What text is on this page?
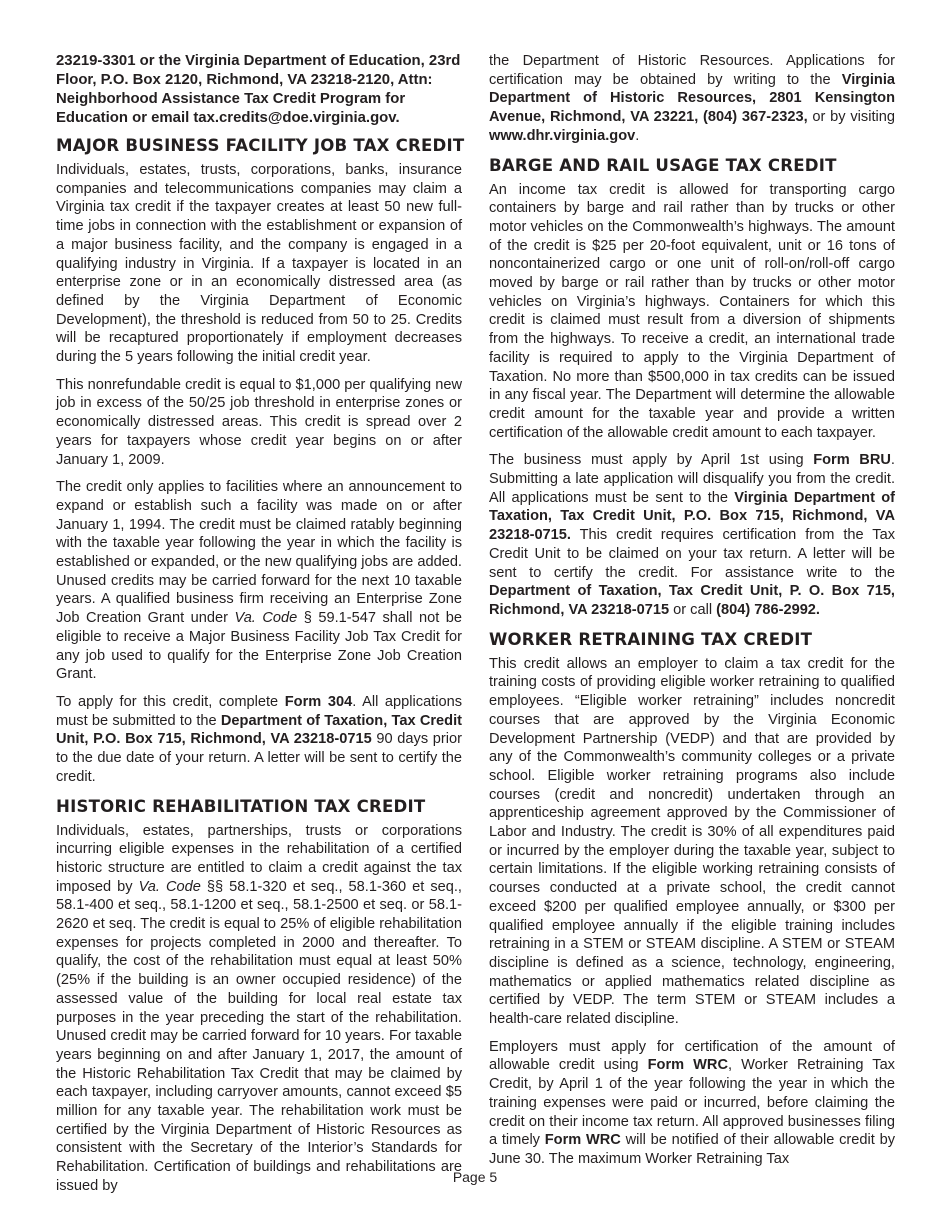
23219-3301 or the Virginia Department of Education, 23rd Floor, P.O. Box 2120, Richmond, VA 23218-2120, Attn: Neighborhood Assistance Tax Credit Program for Education or email tax.credits@doe.virginia.gov.

MAJOR BUSINESS FACILITY JOB TAX CREDIT

Individuals, estates, trusts, corporations, banks, insurance companies and telecommunications companies may claim a Virginia tax credit if the taxpayer creates at least 50 new full-time jobs in connection with the establishment or expansion of a major business facility, and the company is engaged in a qualifying industry in Virginia. If a taxpayer is located in an enterprise zone or in an economically distressed area (as defined by the Virginia Department of Economic Development), the threshold is reduced from 50 to 25. Credits will be recaptured proportionately if employment decreases during the 5 years following the initial credit year.

This nonrefundable credit is equal to $1,000 per qualifying new job in excess of the 50/25 job threshold in enterprise zones or economically distressed areas. This credit is spread over 2 years for taxpayers whose credit year begins on or after January 1, 2009.

The credit only applies to facilities where an announcement to expand or establish such a facility was made on or after January 1, 1994. The credit must be claimed ratably beginning with the taxable year following the year in which the facility is established or expanded, or the new qualifying jobs are added. Unused credits may be carried forward for the next 10 taxable years. A qualified business firm receiving an Enterprise Zone Job Creation Grant under Va. Code § 59.1-547 shall not be eligible to receive a Major Business Facility Job Tax Credit for any job used to qualify for the Enterprise Zone Job Creation Grant.

To apply for this credit, complete Form 304. All applications must be submitted to the Department of Taxation, Tax Credit Unit, P.O. Box 715, Richmond, VA 23218-0715 90 days prior to the due date of your return. A letter will be sent to certify the credit.

HISTORIC REHABILITATION TAX CREDIT

Individuals, estates, partnerships, trusts or corporations incurring eligible expenses in the rehabilitation of a certified historic structure are entitled to claim a credit against the tax imposed by Va. Code §§ 58.1-320 et seq., 58.1-360 et seq., 58.1-400 et seq., 58.1-1200 et seq., 58.1-2500 et seq. or 58.1-2620 et seq. The credit is equal to 25% of eligible rehabilitation expenses for projects completed in 2000 and thereafter. To qualify, the cost of the rehabilitation must equal at least 50% (25% if the building is an owner occupied residence) of the assessed value of the building for local real estate tax purposes in the year preceding the start of the rehabilitation. Unused credit may be carried forward for 10 years. For taxable years beginning on and after January 1, 2017, the amount of the Historic Rehabilitation Tax Credit that may be claimed by each taxpayer, including carryover amounts, cannot exceed $5 million for any taxable year. The rehabilitation work must be certified by the Virginia Department of Historic Resources as consistent with the Secretary of the Interior’s Standards for Rehabilitation. Certification of buildings and rehabilitations are issued by

the Department of Historic Resources. Applications for certification may be obtained by writing to the Virginia Department of Historic Resources, 2801 Kensington Avenue, Richmond, VA 23221, (804) 367-2323, or by visiting www.dhr.virginia.gov.

BARGE AND RAIL USAGE TAX CREDIT

An income tax credit is allowed for transporting cargo containers by barge and rail rather than by trucks or other motor vehicles on the Commonwealth’s highways. The amount of the credit is $25 per 20-foot equivalent, unit or 16 tons of noncontainerized cargo or one unit of roll-on/roll-off cargo moved by barge or rail rather than by trucks or other motor vehicles on Virginia’s highways. Containers for which this credit is claimed must result from a diversion of shipments from the highways. To receive a credit, an international trade facility is required to apply to the Virginia Department of Taxation. No more than $500,000 in tax credits can be issued in any fiscal year. The Department will determine the allowable credit amount for the taxable year and provide a written certification of the allowable credit amount to each taxpayer.

The business must apply by April 1st using Form BRU. Submitting a late application will disqualify you from the credit. All applications must be sent to the Virginia Department of Taxation, Tax Credit Unit, P.O. Box 715, Richmond, VA 23218-0715. This credit requires certification from the Tax Credit Unit to be claimed on your tax return. A letter will be sent to certify the credit. For assistance write to the Department of Taxation, Tax Credit Unit, P. O. Box 715, Richmond, VA 23218-0715 or call (804) 786-2992.

WORKER RETRAINING TAX CREDIT

This credit allows an employer to claim a tax credit for the training costs of providing eligible worker retraining to qualified employees. “Eligible worker retraining” includes noncredit courses that are approved by the Virginia Economic Development Partnership (VEDP) and that are provided by any of the Commonwealth’s community colleges or a private school. Eligible worker retraining programs also include courses (credit and noncredit) undertaken through an apprenticeship agreement approved by the Commissioner of Labor and Industry. The credit is 30% of all expenditures paid or incurred by the employer during the taxable year, subject to certain limitations. If the eligible working retraining consists of courses conducted at a private school, the credit cannot exceed $200 per qualified employee annually, or $300 per qualified employee annually if the eligible training includes retraining in a STEM or STEAM discipline. A STEM or STEAM discipline is defined as a science, technology, engineering, mathematics or applied mathematics related discipline as certified by VEDP. The term STEM or STEAM includes a health-care related discipline.

Employers must apply for certification of the amount of allowable credit using Form WRC, Worker Retraining Tax Credit, by April 1 of the year following the year in which the training expenses were paid or incurred, before claiming the credit on their income tax return. All approved businesses filing a timely Form WRC will be notified of their allowable credit by June 30. The maximum Worker Retraining Tax

Page 5
